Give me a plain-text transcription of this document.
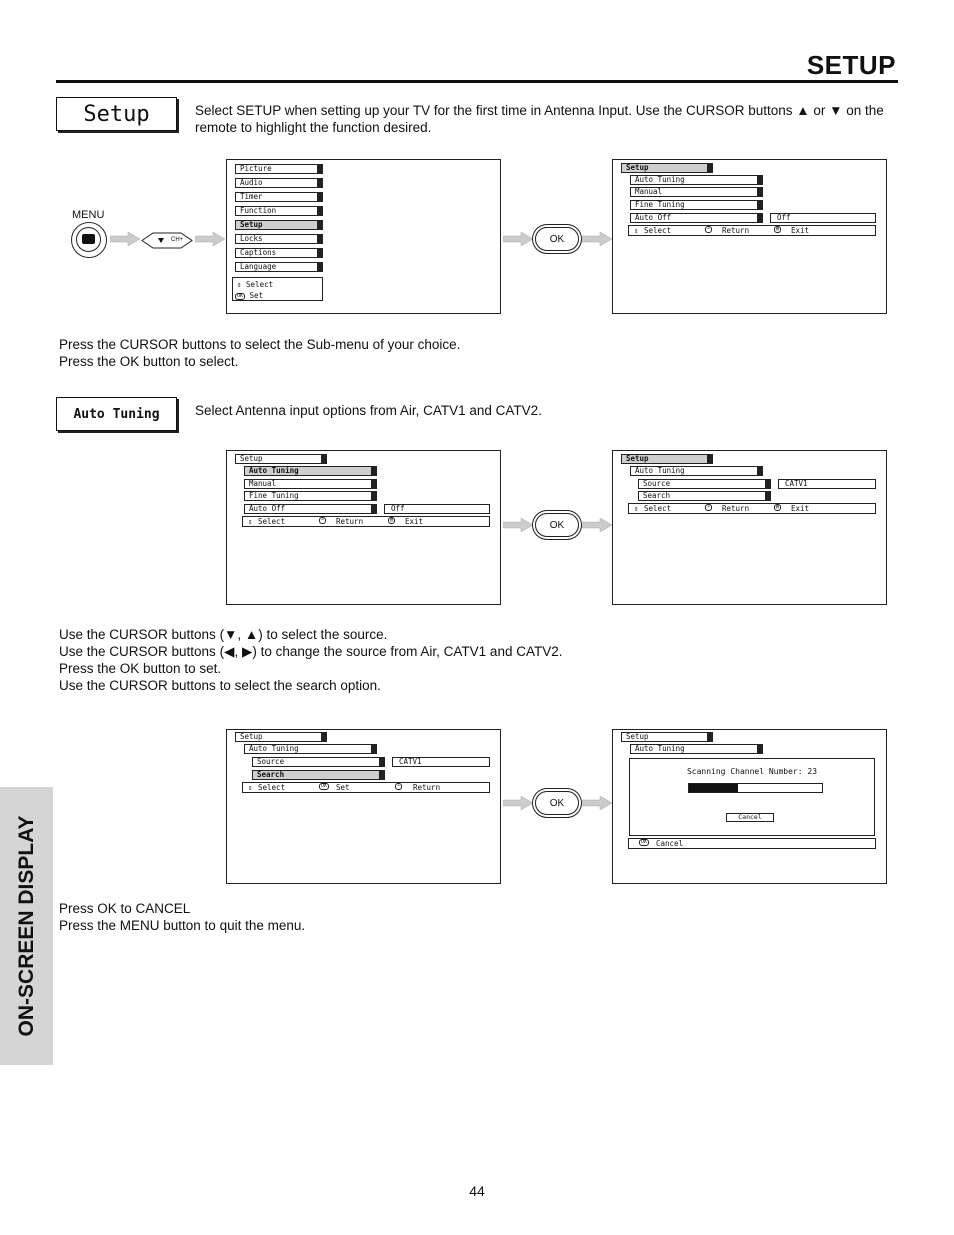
SETUP
ON-SCREEN DISPLAY
Setup	Select SETUP when setting up your TV for the first time in Antenna Input. Use the CURSOR buttons ▲ or ▼ on the remote to highlight the function desired.
MENU
CH+
Picture
Audio
Timer
Function
Setup
Locks
Captions
Language
⇕ Select
OK Set
OK
Setup
Auto Tuning
Manual
Fine Tuning
Auto Off	Off
⇕ Select	↶ Return	▤ Exit
Press the CURSOR buttons to select the Sub-menu of your choice.
Press the OK button to select.
Auto Tuning	Select Antenna input options from Air, CATV1 and CATV2.
Setup
Auto Tuning
Manual
Fine Tuning
Auto Off	Off
⇕ Select	↶ Return	▤ Exit	OK
Setup
Auto Tuning
Source	CATV1
Search
⇕ Select	↶ Return	▤ Exit
Use the CURSOR buttons (▼, ▲) to select the source.
Use the CURSOR buttons (◀, ▶) to change the source from Air, CATV1 and CATV2.
Press the OK button to set.
Use the CURSOR buttons to select the search option.
Setup
Auto Tuning
Source	CATV1
Search
⇕ Select	OK Set	↶ Return
OK
Setup
Auto Tuning
Scanning Channel Number: 23
Cancel
OK Cancel
Press OK to CANCEL
Press the MENU button to quit the menu.
44
